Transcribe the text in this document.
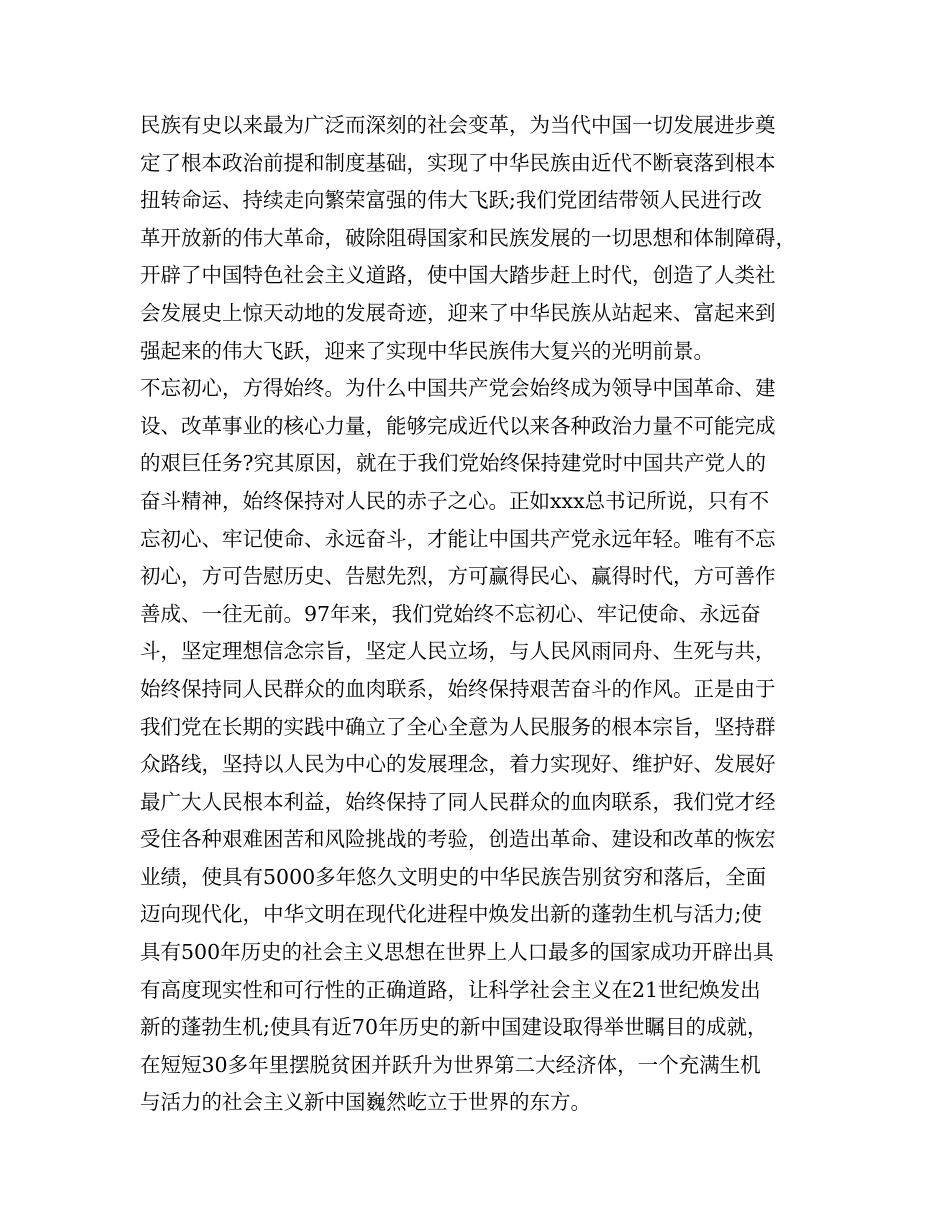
民族有史以来最为广泛而深刻的社会变革，为当代中国一切发展进步奠
定了根本政治前提和制度基础，实现了中华民族由近代不断衰落到根本
扭转命运、持续走向繁荣富强的伟大飞跃;我们党团结带领人民进行改
革开放新的伟大革命，破除阻碍国家和民族发展的一切思想和体制障碍，
开辟了中国特色社会主义道路，使中国大踏步赶上时代，创造了人类社
会发展史上惊天动地的发展奇迹，迎来了中华民族从站起来、富起来到
强起来的伟大飞跃，迎来了实现中华民族伟大复兴的光明前景。
不忘初心，方得始终。为什么中国共产党会始终成为领导中国革命、建
设、改革事业的核心力量，能够完成近代以来各种政治力量不可能完成
的艰巨任务?究其原因，就在于我们党始终保持建党时中国共产党人的
奋斗精神，始终保持对人民的赤子之心。正如xxx总书记所说，只有不
忘初心、牢记使命、永远奋斗，才能让中国共产党永远年轻。唯有不忘
初心，方可告慰历史、告慰先烈，方可赢得民心、赢得时代，方可善作
善成、一往无前。97年来，我们党始终不忘初心、牢记使命、永远奋
斗，坚定理想信念宗旨，坚定人民立场，与人民风雨同舟、生死与共，
始终保持同人民群众的血肉联系，始终保持艰苦奋斗的作风。正是由于
我们党在长期的实践中确立了全心全意为人民服务的根本宗旨，坚持群
众路线，坚持以人民为中心的发展理念，着力实现好、维护好、发展好
最广大人民根本利益，始终保持了同人民群众的血肉联系，我们党才经
受住各种艰难困苦和风险挑战的考验，创造出革命、建设和改革的恢宏
业绩，使具有5000多年悠久文明史的中华民族告别贫穷和落后，全面
迈向现代化，中华文明在现代化进程中焕发出新的蓬勃生机与活力;使
具有500年历史的社会主义思想在世界上人口最多的国家成功开辟出具
有高度现实性和可行性的正确道路，让科学社会主义在21世纪焕发出
新的蓬勃生机;使具有近70年历史的新中国建设取得举世瞩目的成就，
在短短30多年里摆脱贫困并跃升为世界第二大经济体，一个充满生机
与活力的社会主义新中国巍然屹立于世界的东方。
